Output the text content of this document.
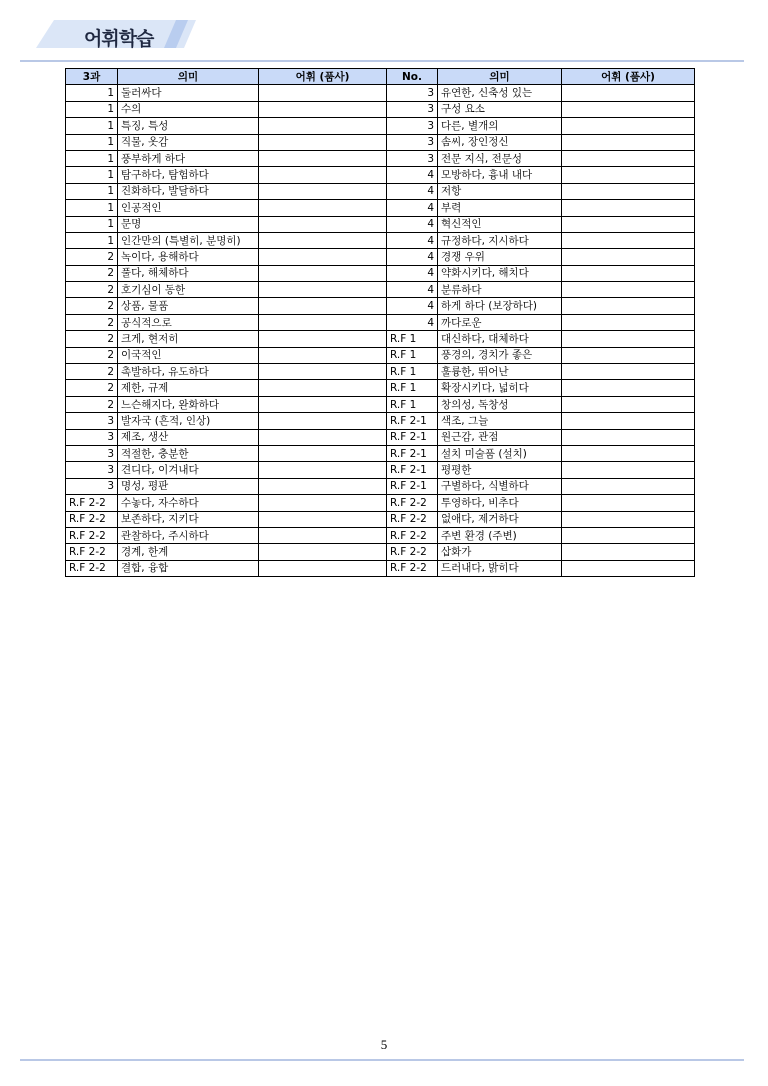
어휘학습
3과	의미	어휘 (품사)	No.	의미	어휘 (품사)
1	둘러싸다		3	유연한, 신축성 있는	
1	수의		3	구성 요소	
1	특징, 특성		3	다른, 별개의	
1	직물, 옷감		3	솜씨, 장인정신	
1	풍부하게 하다		3	전문 지식, 전문성	
1	탐구하다, 탐험하다		4	모방하다, 흉내 내다	
1	진화하다, 발달하다		4	저항	
1	인공적인		4	부력	
1	문명		4	혁신적인	
1	인간만의 (특별히, 분명히)		4	규정하다, 지시하다	
2	녹이다, 용해하다		4	경쟁 우위	
2	풀다, 해체하다		4	약화시키다, 해치다	
2	호기심이 동한		4	분류하다	
2	상품, 물품		4	하게 하다 (보장하다)	
2	공식적으로		4	까다로운	
2	크게, 현저히		R.F 1	대신하다, 대체하다	
2	이국적인		R.F 1	풍경의, 경치가 좋은	
2	촉발하다, 유도하다		R.F 1	훌륭한, 뛰어난	
2	제한, 규제		R.F 1	확장시키다, 넓히다	
2	느슨해지다, 완화하다		R.F 1	창의성, 독창성	
3	발자국 (흔적, 인상)		R.F 2-1	색조, 그늘	
3	제조, 생산		R.F 2-1	원근감, 관점	
3	적절한, 충분한		R.F 2-1	설치 미술품 (설치)	
3	견디다, 이겨내다		R.F 2-1	평평한	
3	명성, 평판		R.F 2-1	구별하다, 식별하다	
R.F 2-2	수놓다, 자수하다		R.F 2-2	투영하다, 비추다	
R.F 2-2	보존하다, 지키다		R.F 2-2	없애다, 제거하다	
R.F 2-2	관찰하다, 주시하다		R.F 2-2	주변 환경 (주변)	
R.F 2-2	경계, 한계		R.F 2-2	삽화가	
R.F 2-2	결합, 융합		R.F 2-2	드러내다, 밝히다	
5
